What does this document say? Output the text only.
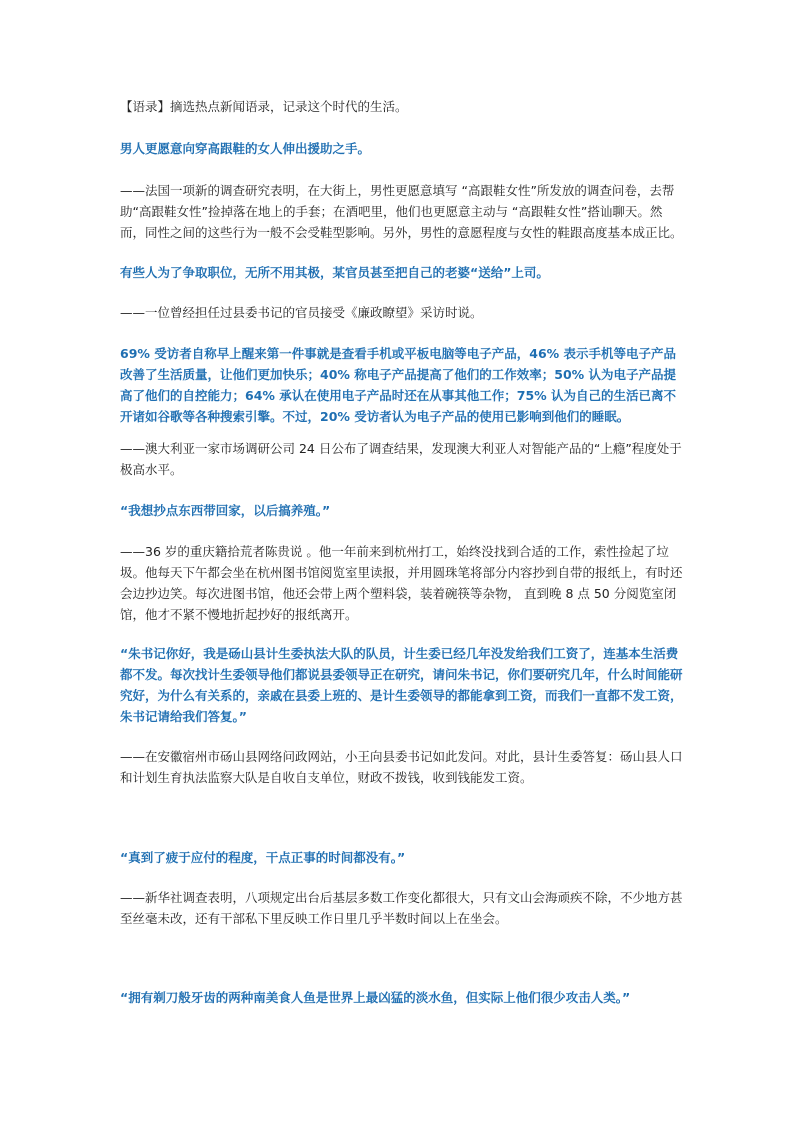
【语录】摘选热点新闻语录，记录这个时代的生活。
男人更愿意向穿高跟鞋的女人伸出援助之手。
——法国一项新的调查研究表明，在大街上，男性更愿意填写 “高跟鞋女性”所发放的调查问卷，去帮助“高跟鞋女性”捡掉落在地上的手套；在酒吧里，他们也更愿意主动与 “高跟鞋女性”搭讪聊天。然而，同性之间的这些行为一般不会受鞋型影响。另外，男性的意愿程度与女性的鞋跟高度基本成正比。
有些人为了争取职位，无所不用其极，某官员甚至把自己的老婆“送给”上司。
——一位曾经担任过县委书记的官员接受《廉政瞭望》采访时说。
69% 受访者自称早上醒来第一件事就是查看手机或平板电脑等电子产品，46% 表示手机等电子产品改善了生活质量，让他们更加快乐；40% 称电子产品提高了他们的工作效率；50% 认为电子产品提高了他们的自控能力；64% 承认在使用电子产品时还在从事其他工作；75% 认为自己的生活已离不开诸如谷歌等各种搜索引擎。不过，20% 受访者认为电子产品的使用已影响到他们的睡眠。
——澳大利亚一家市场调研公司 24 日公布了调查结果，发现澳大利亚人对智能产品的“上瘾”程度处于极高水平。
“我想抄点东西带回家，以后搞养殖。”
——36 岁的重庆籍拾荒者陈贵说 。他一年前来到杭州打工，始终没找到合适的工作，索性捡起了垃圾。他每天下午都会坐在杭州图书馆阅览室里读报，并用圆珠笔将部分内容抄到自带的报纸上，有时还会边抄边笑。每次进图书馆，他还会带上两个塑料袋，装着碗筷等杂物， 直到晚 8 点 50 分阅览室闭馆，他才不紧不慢地折起抄好的报纸离开。
“朱书记你好，我是砀山县计生委执法大队的队员，计生委已经几年没发给我们工资了，连基本生活费都不发。每次找计生委领导他们都说县委领导正在研究，请问朱书记，你们要研究几年，什么时间能研究好，为什么有关系的，亲戚在县委上班的、是计生委领导的都能拿到工资，而我们一直都不发工资，朱书记请给我们答复。”
——在安徽宿州市砀山县网络问政网站，小王向县委书记如此发问。对此，县计生委答复：砀山县人口和计划生育执法监察大队是自收自支单位，财政不拨钱，收到钱能发工资。
“真到了疲于应付的程度，干点正事的时间都没有。”
——新华社调查表明，八项规定出台后基层多数工作变化都很大，只有文山会海顽疾不除，不少地方甚至丝毫未改，还有干部私下里反映工作日里几乎半数时间以上在坐会。
“拥有剃刀般牙齿的两种南美食人鱼是世界上最凶猛的淡水鱼，但实际上他们很少攻击人类。”
